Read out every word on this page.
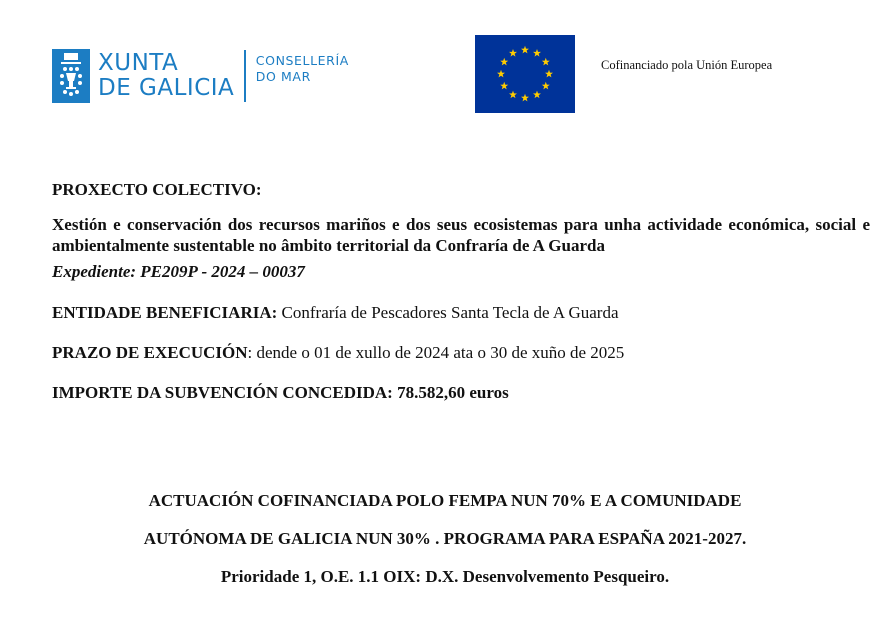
XUNTA
DE GALICIA
CONSELLERÍA
DO MAR
Cofinanciado pola Unión Europea

PROXECTO COLECTIVO:

Xestión e conservación dos recursos mariños e dos seus ecosistemas para unha actividade económica, social e ambientalmente sustentable no âmbito territorial da Confraría de A Guarda

Expediente: PE209P - 2024 – 00037

ENTIDADE BENEFICIARIA: Confraría de Pescadores Santa Tecla de A Guarda

PRAZO DE EXECUCIÓN: dende o 01 de xullo de 2024 ata o 30 de xuño de 2025

IMPORTE DA SUBVENCIÓN CONCEDIDA: 78.582,60 euros

ACTUACIÓN COFINANCIADA POLO FEMPA NUN 70% E A COMUNIDADE
AUTÓNOMA DE GALICIA NUN 30% . PROGRAMA PARA ESPAÑA 2021-2027.
Prioridade 1, O.E. 1.1 OIX: D.X. Desenvolvemento Pesqueiro.
